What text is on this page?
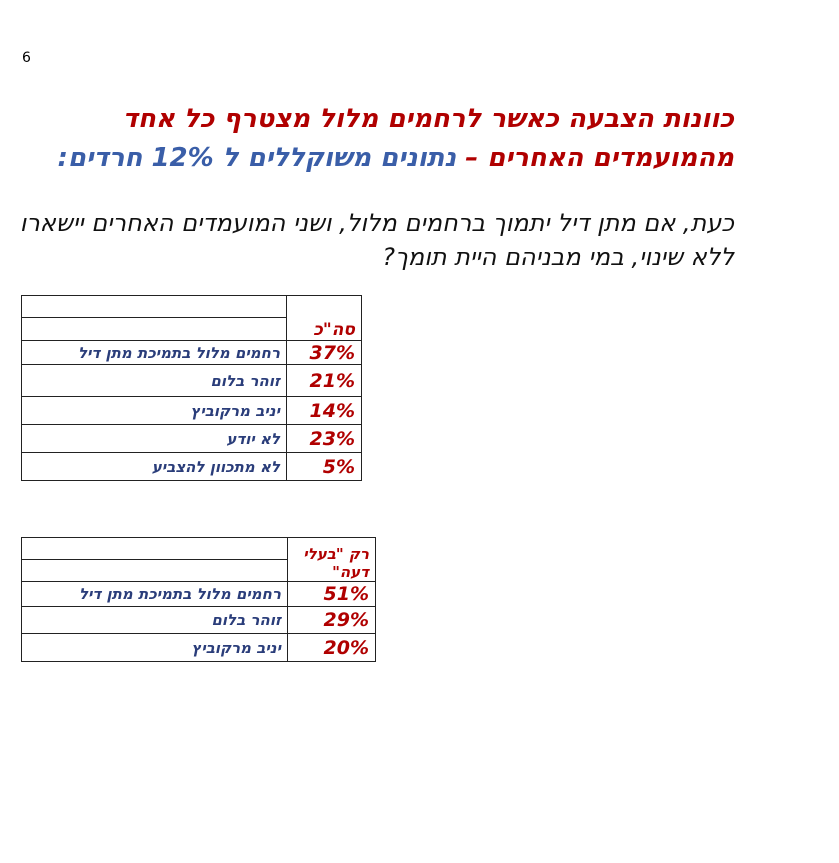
6
כוונות הצבעה כאשר לרחמים מלול מצטרף כל אחד
מהמועמדים האחרים – נתונים משוקללים ל 12% חרדים:
כעת, אם מתן דיל יתמוך ברחמים מלול, ושני המועמדים האחרים יישארו ללא שינוי, במי מבניהם היית תומך?
סה"כ	

37%	רחמים מלול בתמיכת מתן דיל
21%	זוהר בלום
14%	יניב מרקוביץ
23%	לא יודע
5%	לא מתכוון להצביע
רק "בעלי דעה"	

51%	רחמים מלול בתמיכת מתן דיל
29%	זוהר בלום
20%	יניב מרקוביץ
